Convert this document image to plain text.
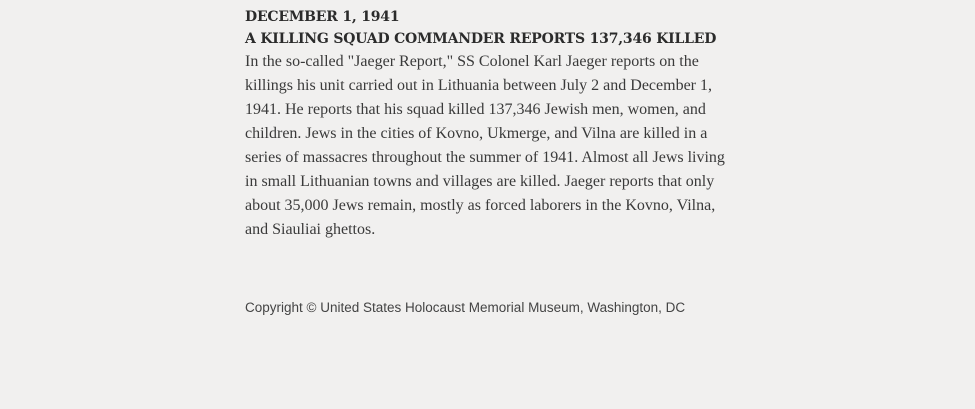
DECEMBER 1, 1941
A KILLING SQUAD COMMANDER REPORTS 137,346 KILLED

In the so-called "Jaeger Report," SS Colonel Karl Jaeger reports on the killings his unit carried out in Lithuania between July 2 and December 1, 1941. He reports that his squad killed 137,346 Jewish men, women, and children. Jews in the cities of Kovno, Ukmerge, and Vilna are killed in a series of massacres throughout the summer of 1941. Almost all Jews living in small Lithuanian towns and villages are killed. Jaeger reports that only about 35,000 Jews remain, mostly as forced laborers in the Kovno, Vilna, and Siauliai ghettos.

Copyright © United States Holocaust Memorial Museum, Washington, DC
